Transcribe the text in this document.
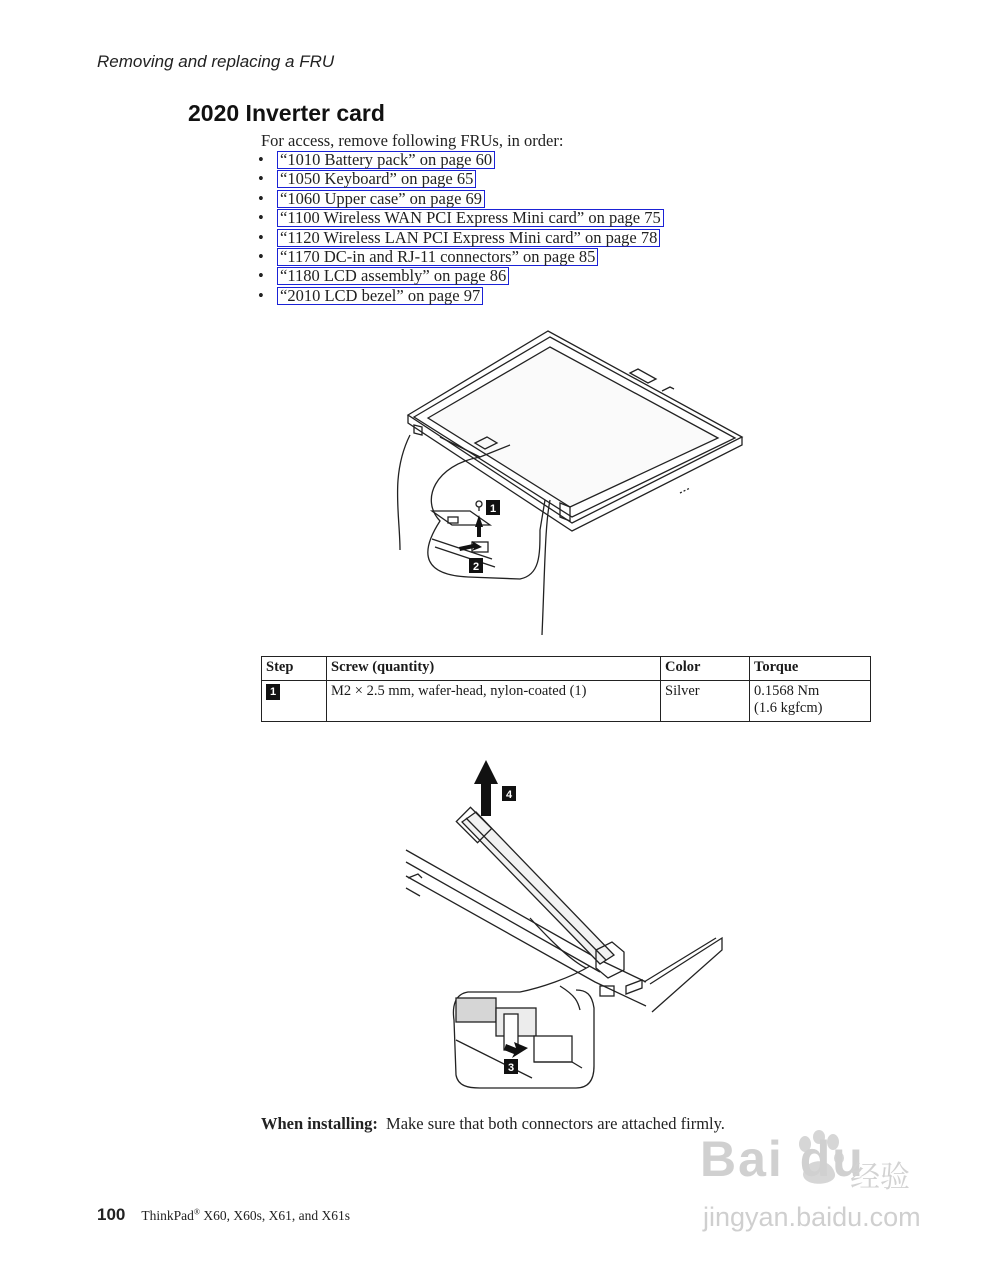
Removing and replacing a FRU
2020 Inverter card
For access, remove following FRUs, in order:
• “1010 Battery pack” on page 60
• “1050 Keyboard” on page 65
• “1060 Upper case” on page 69
• “1100 Wireless WAN PCI Express Mini card” on page 75
• “1120 Wireless LAN PCI Express Mini card” on page 78
• “1170 DC-in and RJ-11 connectors” on page 85
• “1180 LCD assembly” on page 86
• “2010 LCD bezel” on page 97
1
2
Step	Screw (quantity)	Color	Torque
1	M2 × 2.5 mm, wafer-head, nylon-coated (1)	Silver	0.1568 Nm
(1.6 kgfcm)
4
3
When installing: Make sure that both connectors are attached firmly.
100 ThinkPad® X60, X60s, X61, and X61s
Bai du
经验
jingyan.baidu.com
